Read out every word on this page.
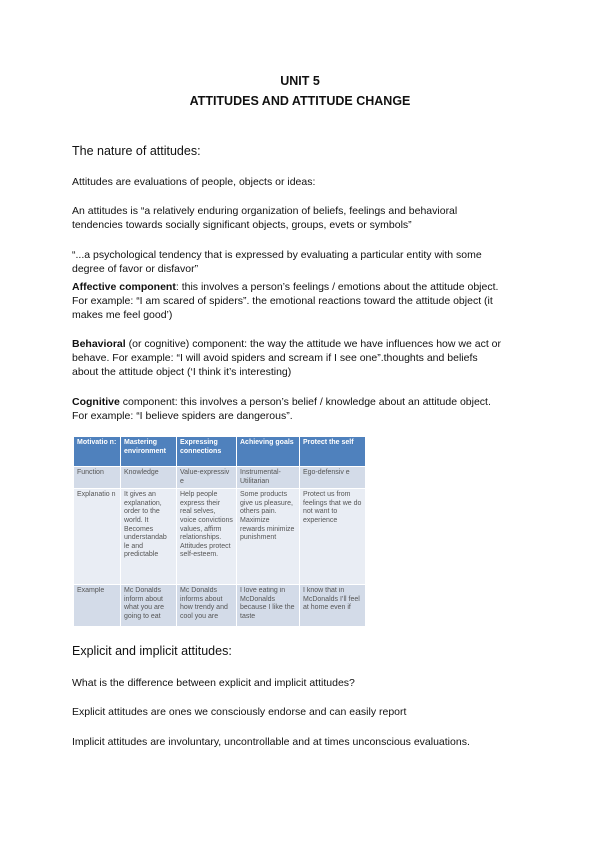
UNIT 5
ATTITUDES AND ATTITUDE CHANGE
The nature of attitudes:
Attitudes are evaluations of people, objects or ideas:
An attitudes is “a relatively enduring organization of beliefs, feelings and behavioral
tendencies towards socially significant objects, groups, evets or symbols”
“...a psychological tendency that is expressed by evaluating a particular entity with some
degree of favor or disfavor”
Affective component: this involves a person’s feelings / emotions about the attitude object.
For example: “I am scared of spiders”. the emotional reactions toward the attitude object (it
makes me feel good’)
Behavioral (or cognitive) component: the way the attitude we have influences how we act or
behave. For example: “I will avoid spiders and scream if I see one”.thoughts and beliefs
about the attitude object (‘I think it’s interesting)
Cognitive component: this involves a person’s belief / knowledge about an attitude object.
For example: “I believe spiders are dangerous”.
Motivatio n:	Mastering environment	Expressing connections	Achieving goals	Protect the self
Function	Knowledge	Value-expressiv e	Instrumental- Utilitarian	Ego-defensiv e
Explanatio n	It gives an explanation, order to the world. It Becomes understandab le and predictable	Help people express their real selves, voice convictions values, affirm relationships. Attitudes protect self-esteem.	Some products give us pleasure, others pain. Maximize rewards minimize punishment	Protect us from feelings that we do not want to experience

Example	Mc Donalds inform about what you are going to eat	Mc Donalds informs about how trendy and cool you are	I love eating in McDonalds because I like the taste	I know that in McDonalds I’ll feel at home even if
Explicit and implicit attitudes:
What is the difference between explicit and implicit attitudes?
Explicit attitudes are ones we consciously endorse and can easily report
Implicit attitudes are involuntary, uncontrollable and at times unconscious evaluations.
